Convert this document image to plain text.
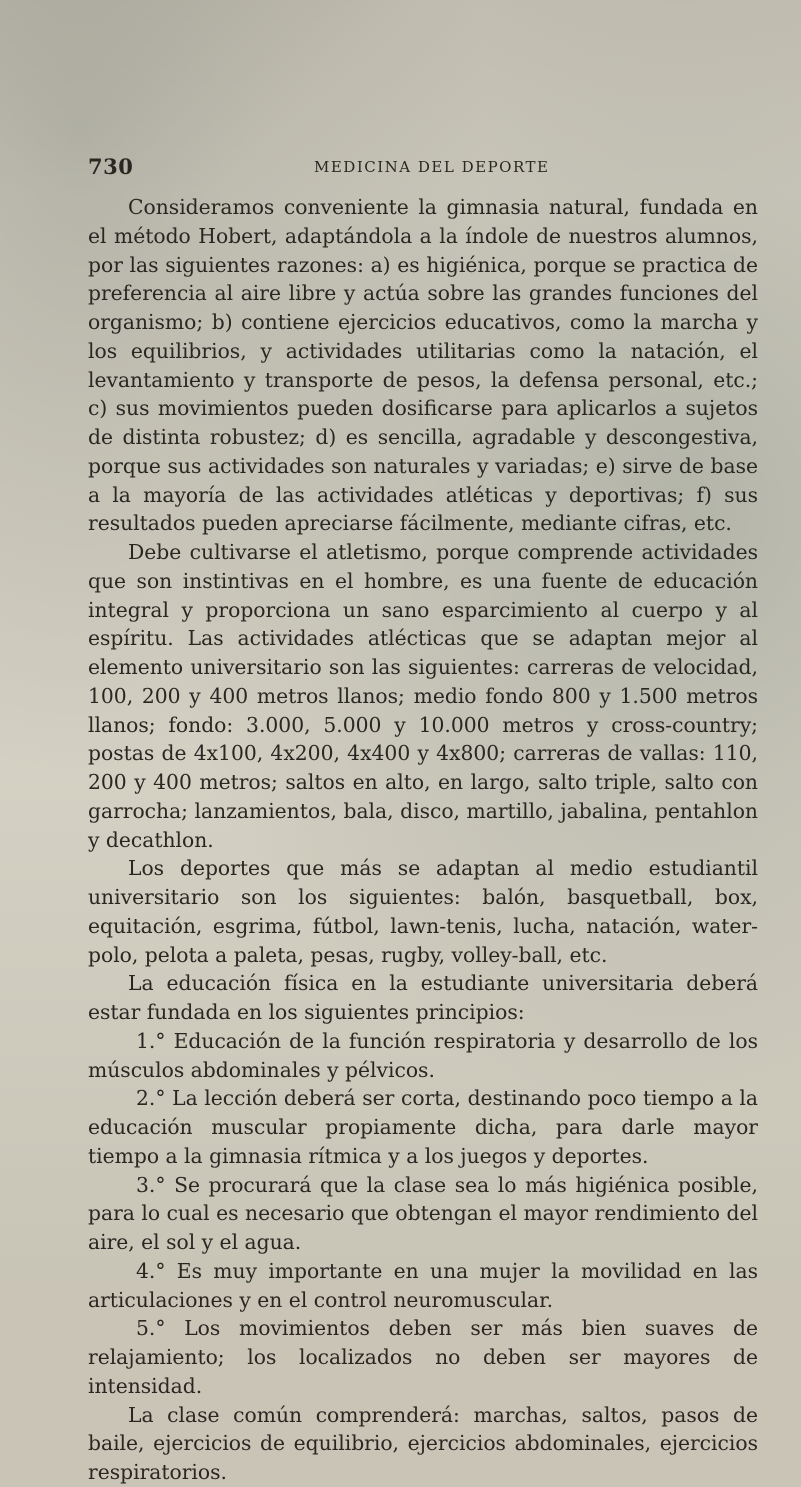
730	MEDICINA DEL DEPORTE

Consideramos conveniente la gimnasia natural, fundada en el método Hobert, adaptándola a la índole de nuestros alumnos, por las siguientes razones: a) es higiénica, porque se practica de preferencia al aire libre y actúa sobre las grandes funciones del organismo; b) contiene ejercicios educativos, como la marcha y los equilibrios, y actividades utilitarias como la natación, el levantamiento y transporte de pesos, la defensa personal, etc.; c) sus movimientos pueden dosificarse para aplicarlos a sujetos de distinta robustez; d) es sencilla, agradable y descongestiva, porque sus actividades son naturales y variadas; e) sirve de base a la mayoría de las actividades atléticas y deportivas; f) sus resultados pueden apreciarse fácilmente, mediante cifras, etc.

Debe cultivarse el atletismo, porque comprende actividades que son instintivas en el hombre, es una fuente de educación integral y proporciona un sano esparcimiento al cuerpo y al espíritu. Las actividades atlécticas que se adaptan mejor al elemento universitario son las siguientes: carreras de velocidad, 100, 200 y 400 metros llanos; medio fondo 800 y 1.500 metros llanos; fondo: 3.000, 5.000 y 10.000 metros y cross-country; postas de 4x100, 4x200, 4x400 y 4x800; carreras de vallas: 110, 200 y 400 metros; saltos en alto, en largo, salto triple, salto con garrocha; lanzamientos, bala, disco, martillo, jabalina, pentahlon y decathlon.

Los deportes que más se adaptan al medio estudiantil universitario son los siguientes: balón, basquetball, box, equitación, esgrima, fútbol, lawn-tenis, lucha, natación, water-polo, pelota a paleta, pesas, rugby, volley-ball, etc.

La educación física en la estudiante universitaria deberá estar fundada en los siguientes principios:

1.° Educación de la función respiratoria y desarrollo de los músculos abdominales y pélvicos.

2.° La lección deberá ser corta, destinando poco tiempo a la educación muscular propiamente dicha, para darle mayor tiempo a la gimnasia rítmica y a los juegos y deportes.

3.° Se procurará que la clase sea lo más higiénica posible, para lo cual es necesario que obtengan el mayor rendimiento del aire, el sol y el agua.

4.° Es muy importante en una mujer la movilidad en las articulaciones y en el control neuromuscular.

5.° Los movimientos deben ser más bien suaves de relajamiento; los localizados no deben ser mayores de intensidad.

La clase común comprenderá: marchas, saltos, pasos de baile, ejercicios de equilibrio, ejercicios abdominales, ejercicios respiratorios.
